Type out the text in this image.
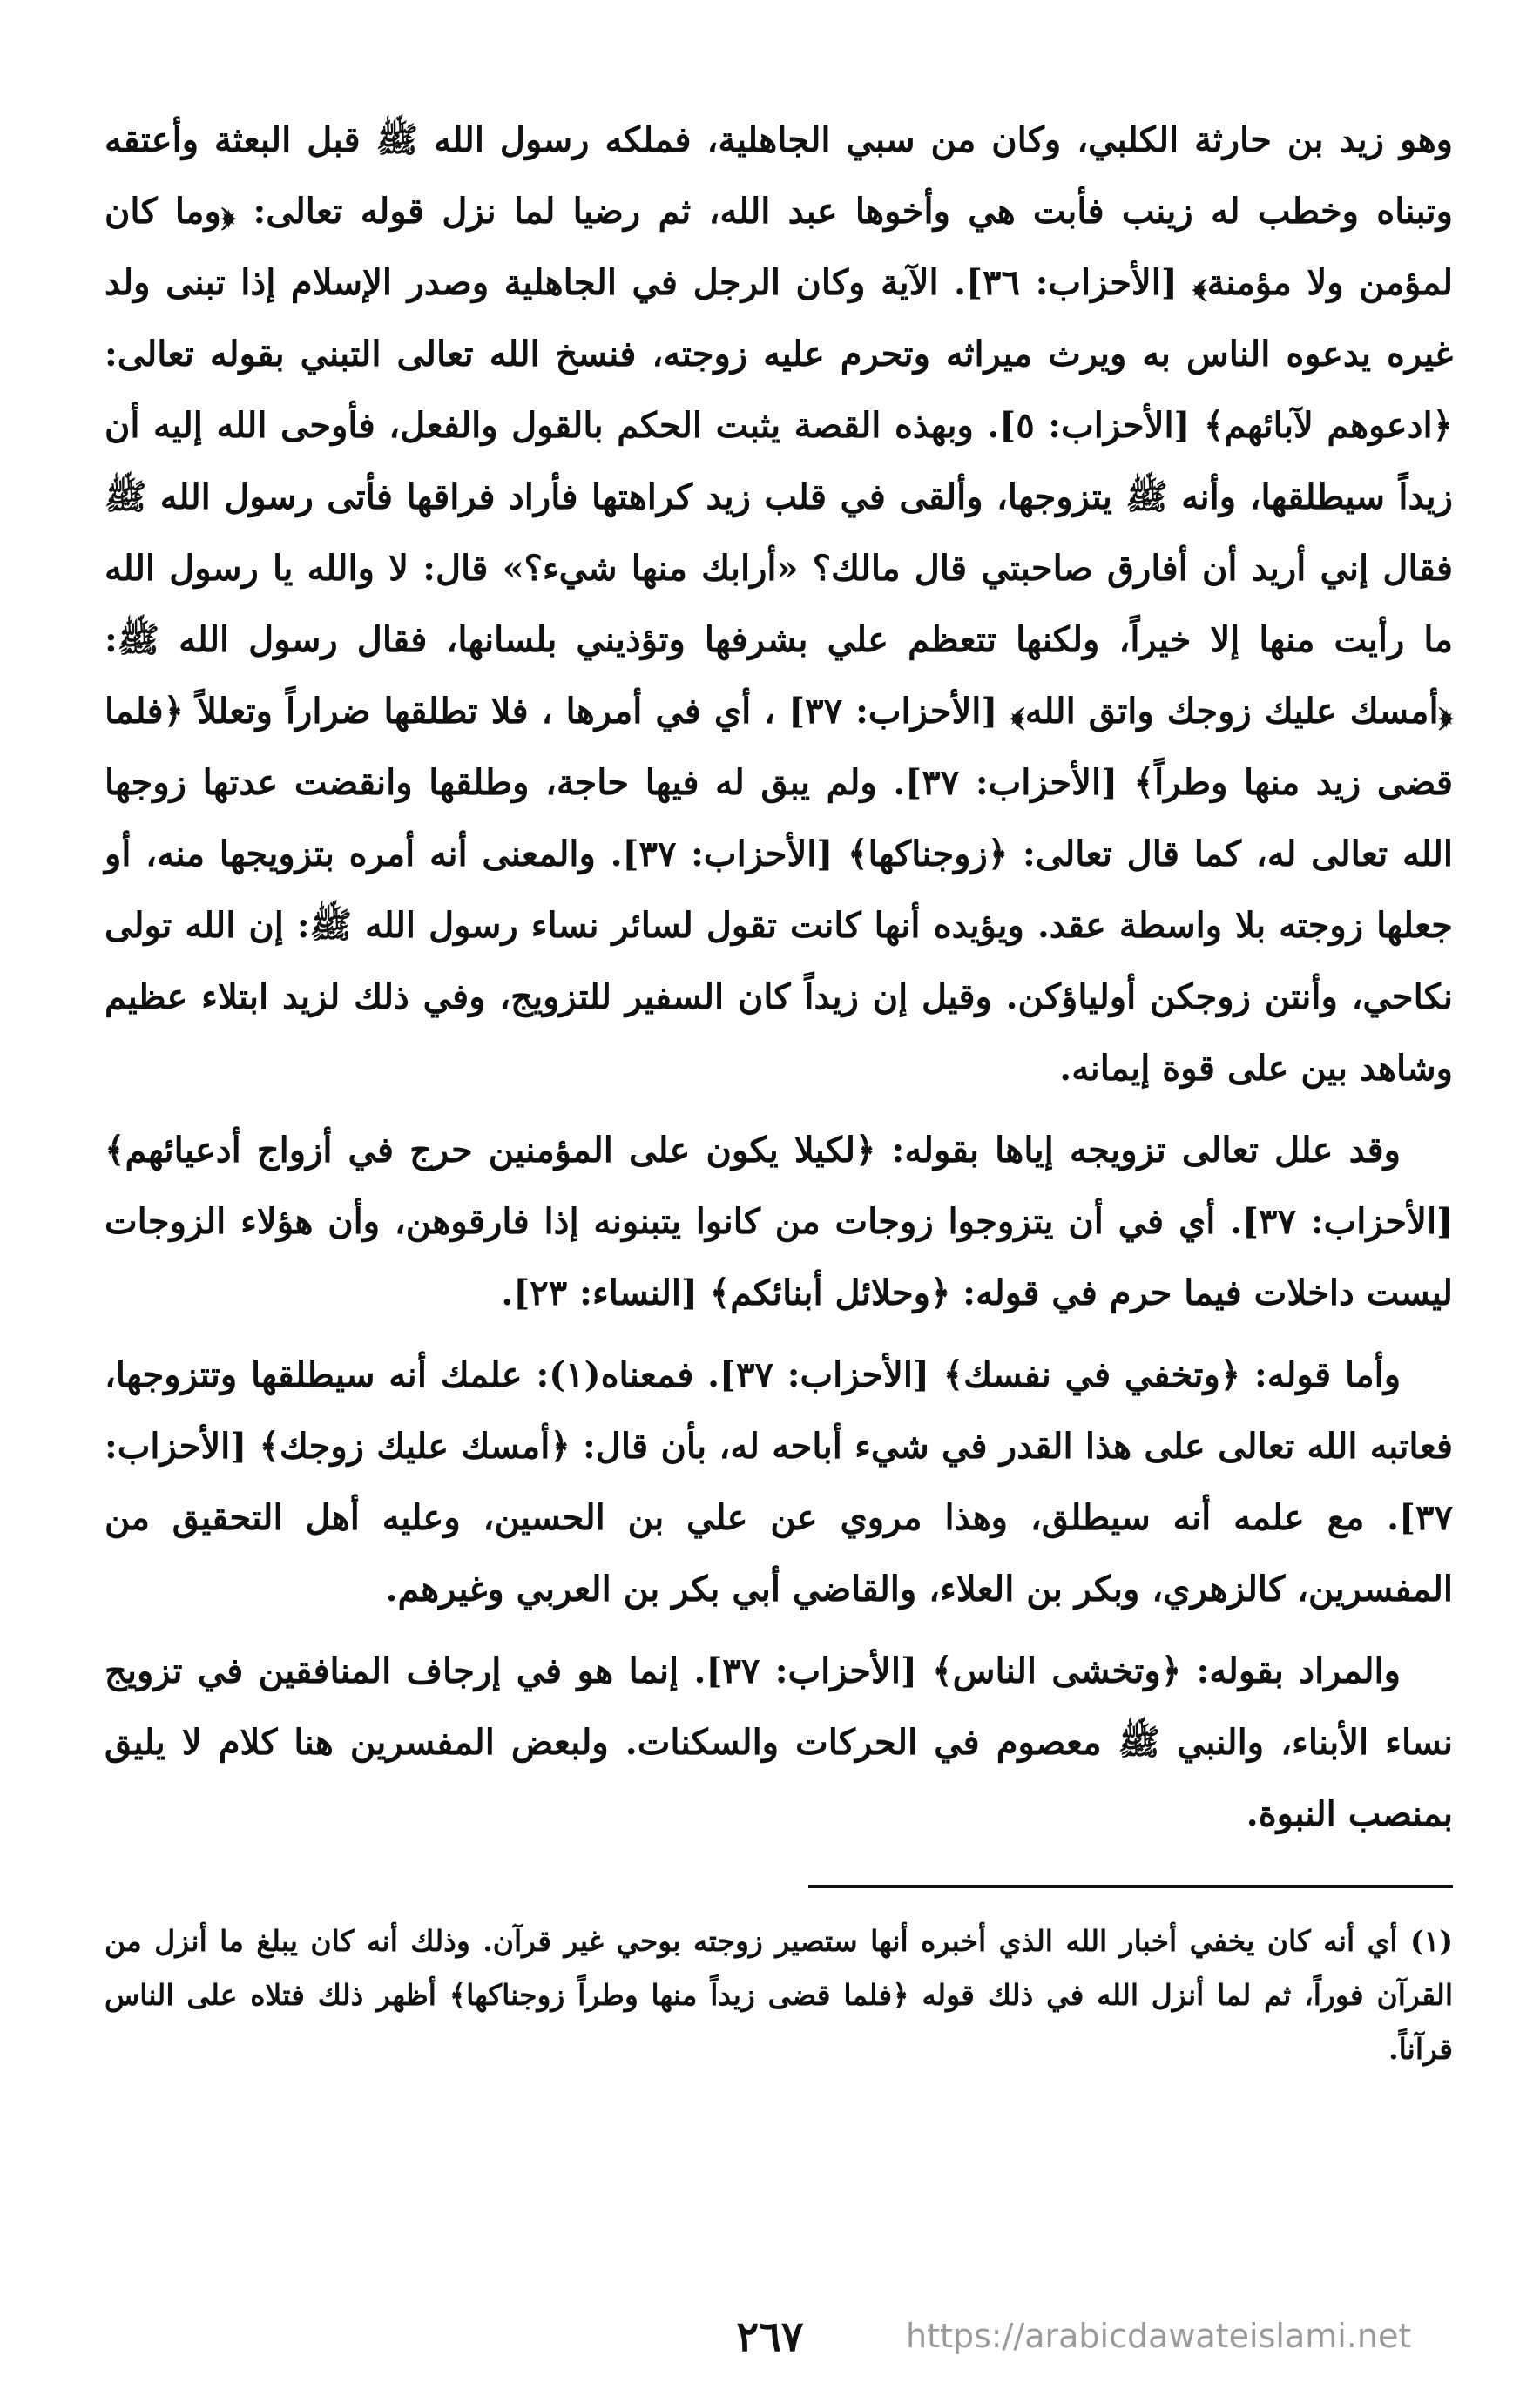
وهو زيد بن حارثة الكلبي، وكان من سبي الجاهلية، فملكه رسول الله ﷺ قبل البعثة وأعتقه وتبناه وخطب له زينب فأبت هي وأخوها عبد الله، ثم رضيا لما نزل قوله تعالى: ﴿وما كان لمؤمن ولا مؤمنة﴾ [الأحزاب: ٣٦]. الآية وكان الرجل في الجاهلية وصدر الإسلام إذا تبنى ولد غيره يدعوه الناس به ويرث ميراثه وتحرم عليه زوجته، فنسخ الله تعالى التبني بقوله تعالى: ﴿ادعوهم لآبائهم﴾ [الأحزاب: ٥]. وبهذه القصة يثبت الحكم بالقول والفعل، فأوحى الله إليه أن زيداً سيطلقها، وأنه ﷺ يتزوجها، وألقى في قلب زيد كراهتها فأراد فراقها فأتى رسول الله ﷺ فقال إني أريد أن أفارق صاحبتي قال مالك؟ «أرابك منها شيء؟» قال: لا والله يا رسول الله ما رأيت منها إلا خيراً، ولكنها تتعظم علي بشرفها وتؤذيني بلسانها، فقال رسول الله ﷺ: ﴿أمسك عليك زوجك واتق الله﴾ [الأحزاب: ٣٧] ، أي في أمرها ، فلا تطلقها ضراراً وتعللاً ﴿فلما قضى زيد منها وطراً﴾ [الأحزاب: ٣٧]. ولم يبق له فيها حاجة، وطلقها وانقضت عدتها زوجها الله تعالى له، كما قال تعالى: ﴿زوجناكها﴾ [الأحزاب: ٣٧]. والمعنى أنه أمره بتزويجها منه، أو جعلها زوجته بلا واسطة عقد. ويؤيده أنها كانت تقول لسائر نساء رسول الله ﷺ: إن الله تولى نكاحي، وأنتن زوجكن أولياؤكن. وقيل إن زيداً كان السفير للتزويج، وفي ذلك لزيد ابتلاء عظيم وشاهد بين على قوة إيمانه.

وقد علل تعالى تزويجه إياها بقوله: ﴿لكيلا يكون على المؤمنين حرج في أزواج أدعيائهم﴾ [الأحزاب: ٣٧]. أي في أن يتزوجوا زوجات من كانوا يتبنونه إذا فارقوهن، وأن هؤلاء الزوجات ليست داخلات فيما حرم في قوله: ﴿وحلائل أبنائكم﴾ [النساء: ٢٣].

وأما قوله: ﴿وتخفي في نفسك﴾ [الأحزاب: ٣٧]. فمعناه(١): علمك أنه سيطلقها وتتزوجها، فعاتبه الله تعالى على هذا القدر في شيء أباحه له، بأن قال: ﴿أمسك عليك زوجك﴾ [الأحزاب: ٣٧]. مع علمه أنه سيطلق، وهذا مروي عن علي بن الحسين، وعليه أهل التحقيق من المفسرين، كالزهري، وبكر بن العلاء، والقاضي أبي بكر بن العربي وغيرهم.

والمراد بقوله: ﴿وتخشى الناس﴾ [الأحزاب: ٣٧]. إنما هو في إرجاف المنافقين في تزويج نساء الأبناء، والنبي ﷺ معصوم في الحركات والسكنات. ولبعض المفسرين هنا كلام لا يليق بمنصب النبوة.

(١) أي أنه كان يخفي أخبار الله الذي أخبره أنها ستصير زوجته بوحي غير قرآن. وذلك أنه كان يبلغ ما أنزل من القرآن فوراً، ثم لما أنزل الله في ذلك قوله ﴿فلما قضى زيداً منها وطراً زوجناكها﴾ أظهر ذلك فتلاه على الناس قرآناً.

٢٦٧	https://arabicdawateislami.net
